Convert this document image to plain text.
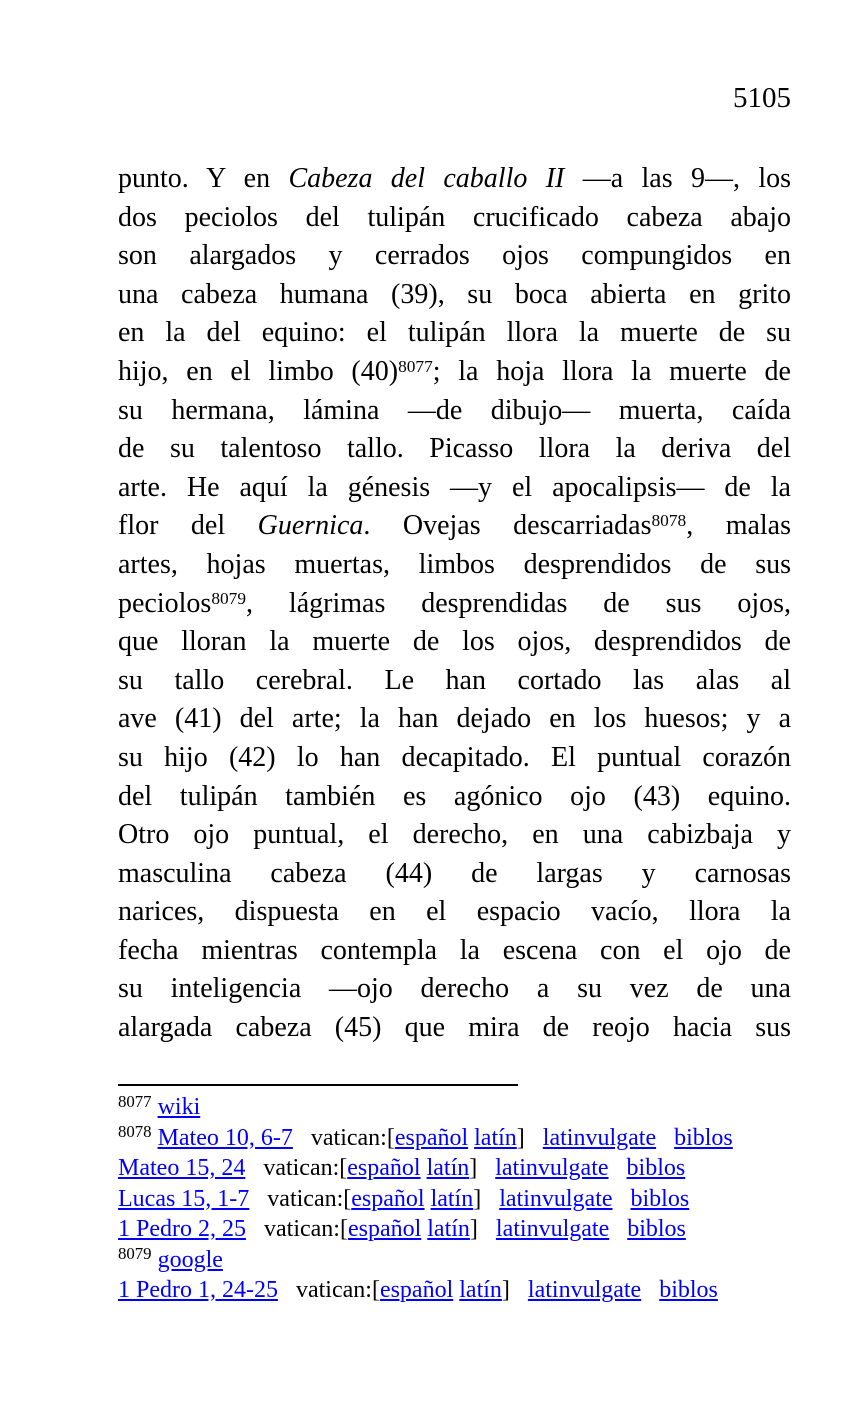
5105
punto. Y en Cabeza del caballo II —a las 9—, los
dos peciolos del tulipán crucificado cabeza abajo
son alargados y cerrados ojos compungidos en
una cabeza humana (39), su boca abierta en grito
en la del equino: el tulipán llora la muerte de su
hijo, en el limbo $(40)^{8077}$; la hoja llora la muerte de
su hermana, lámina —de dibujo— muerta, caída
de su talentoso tallo. Picasso llora la deriva del
arte. He aquí la génesis —y el apocalipsis— de la
flor del Guernica. Ovejas descarriadas$^{8078}$, malas
artes, hojas muertas, limbos desprendidos de sus
peciolos$^{8079}$, lágrimas desprendidas de sus ojos,
que lloran la muerte de los ojos, desprendidos de
su tallo cerebral. Le han cortado las alas al
ave (41) del arte; la han dejado en los huesos; y a
su hijo (42) lo han decapitado. El puntual corazón
del tulipán también es agónico ojo (43) equino.
Otro ojo puntual, el derecho, en una cabizbaja y
masculina cabeza (44) de largas y carnosas
narices, dispuesta en el espacio vacío, llora la
fecha mientras contempla la escena con el ojo de
su inteligencia —ojo derecho a su vez de una
alargada cabeza (45) que mira de reojo hacia sus
$^{8077}$ wiki
$^{8078}$ Mateo 10, 6-7   vatican:[español latín]   latinvulgate biblos
Mateo 15, 24   vatican:[español latín]   latinvulgate biblos
Lucas 15, 1-7   vatican:[español latín]   latinvulgate biblos
1 Pedro 2, 25   vatican:[español latín]   latinvulgate biblos
$^{8079}$ google
1 Pedro 1, 24-25   vatican:[español latín]   latinvulgate biblos
